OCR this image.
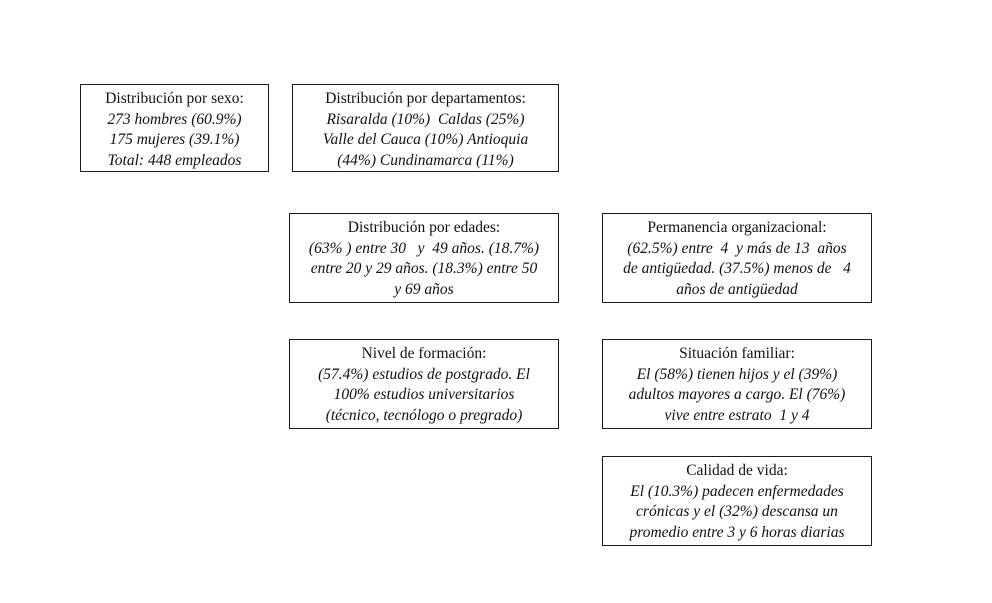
Distribución por sexo:
273 hombres (60.9%)
175 mujeres (39.1%)
Total: 448 empleados
Distribución por departamentos:
Risaralda (10%)  Caldas (25%)
Valle del Cauca (10%) Antioquia
(44%) Cundinamarca (11%)
Distribución por edades:
(63% ) entre 30   y  49 años. (18.7%)
entre 20 y 29 años. (18.3%) entre 50
y 69 años
Permanencia organizacional:
(62.5%) entre  4  y más de 13  años
de antigüedad. (37.5%) menos de   4
años de antigüedad
Nivel de formación:
(57.4%) estudios de postgrado. El
100% estudios universitarios
(técnico, tecnólogo o pregrado)
Situación familiar:
El (58%) tienen hijos y el (39%)
adultos mayores a cargo. El (76%)
vive entre estrato  1 y 4
Calidad de vida:
El (10.3%) padecen enfermedades
crónicas y el (32%) descansa un
promedio entre 3 y 6 horas diarias
